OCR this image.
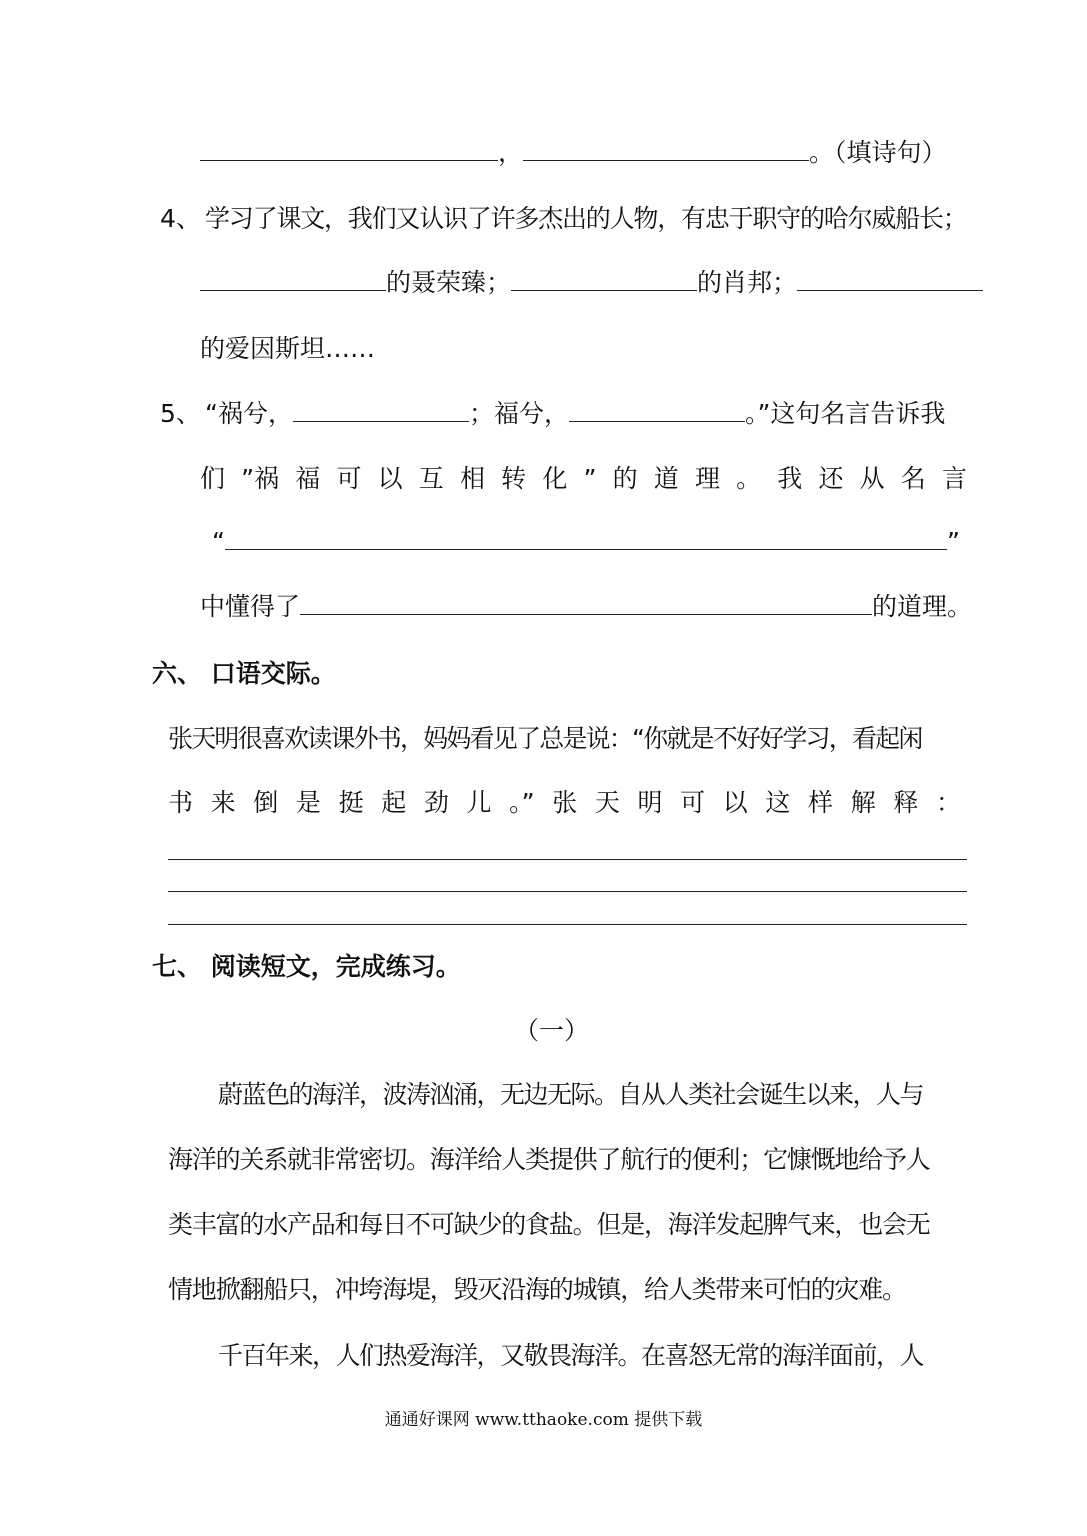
，	。（填诗句）
4、 学习了课文，我们又认识了许多杰出的人物，有忠于职守的哈尔威船长；
的聂荣臻；	的肖邦；
的爱因斯坦……
5、 “祸兮，	；福兮，	。”这句名言告诉我
们 ”祸 福 可 以 互 相 转 化 ” 的 道 理 。 我 还 从 名 言
“	”
中懂得了	的道理。
六、 口语交际。
张天明很喜欢读课外书，妈妈看见了总是说：“你就是不好好学习，看起闲
书 来 倒 是 挺 起 劲 儿 。” 张 天 明 可 以 这 样 解 释 ：
七、 阅读短文，完成练习。
（一）
蔚蓝色的海洋，波涛汹涌，无边无际。自从人类社会诞生以来，人与
海洋的关系就非常密切。海洋给人类提供了航行的便利；它慷慨地给予人
类丰富的水产品和每日不可缺少的食盐。但是，海洋发起脾气来，也会无
情地掀翻船只，冲垮海堤，毁灭沿海的城镇，给人类带来可怕的灾难。
千百年来，人们热爱海洋，又敬畏海洋。在喜怒无常的海洋面前，人
通通好课网 www.tthaoke.com 提供下载
